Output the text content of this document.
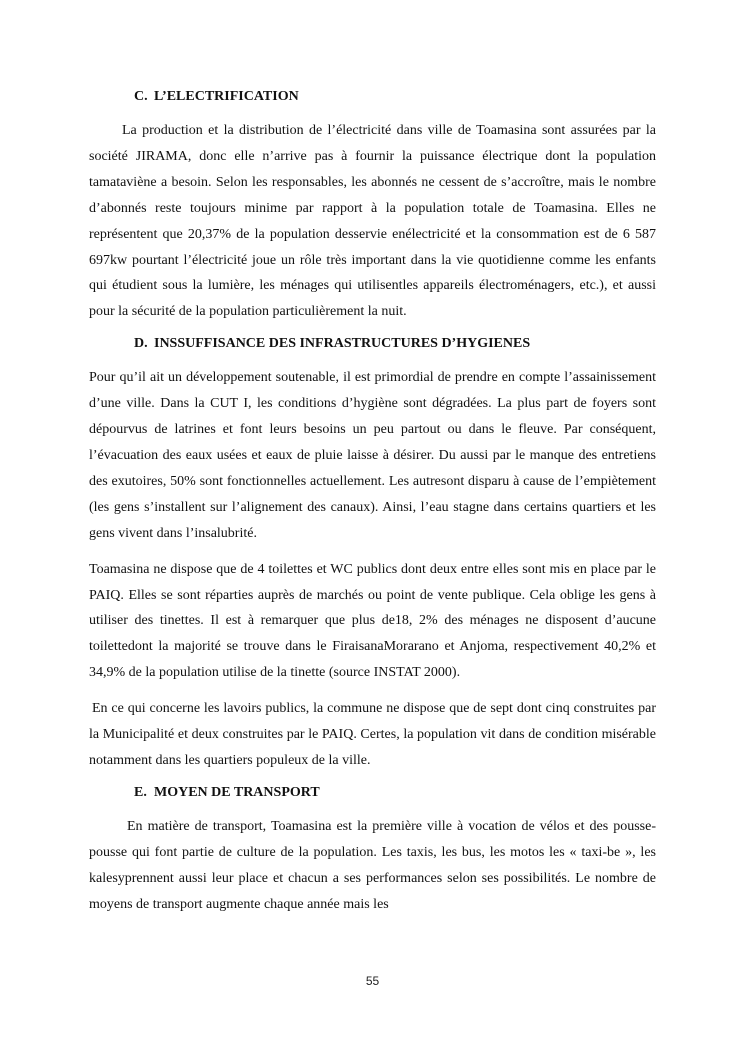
C. L’ELECTRIFICATION

La production et la distribution de l’électricité dans ville de Toamasina sont assurées par la société JIRAMA, donc elle n’arrive pas à fournir la puissance électrique dont la population tamataviène a besoin. Selon les responsables, les abonnés ne cessent de s’accroître, mais le nombre d’abonnés reste toujours minime par rapport à la population totale de Toamasina. Elles ne représentent que 20,37% de la population desservie enélectricité et la consommation est de 6 587 697kw pourtant l’électricité joue un rôle très important dans la vie quotidienne comme les enfants qui étudient sous la lumière, les ménages qui utilisentles appareils électroménagers, etc.), et aussi pour la sécurité de la population particulièrement la nuit.

D. INSSUFFISANCE DES INFRASTRUCTURES D’HYGIENES

Pour qu’il ait un développement soutenable, il est primordial de prendre en compte l’assainissement d’une ville. Dans la CUT I, les conditions d’hygiène sont dégradées. La plus part de foyers sont dépourvus de latrines et font leurs besoins un peu partout ou dans le fleuve. Par conséquent, l’évacuation des eaux usées et eaux de pluie laisse à désirer. Du aussi par le manque des entretiens des exutoires, 50% sont fonctionnelles actuellement. Les autresont disparu à cause de l’empiètement (les gens s’installent sur l’alignement des canaux). Ainsi, l’eau stagne dans certains quartiers et les gens vivent dans l’insalubrité.

Toamasina ne dispose que de 4 toilettes et WC publics dont deux entre elles sont mis en place par le PAIQ. Elles se sont réparties auprès de marchés ou point de vente publique. Cela oblige les gens à utiliser des tinettes. Il est à remarquer que plus de18, 2% des ménages ne disposent d’aucune toilettedont la majorité se trouve dans le FiraisanaMorarano et Anjoma, respectivement 40,2% et 34,9% de la population utilise de la tinette (source INSTAT 2000).

En ce qui concerne les lavoirs publics, la commune ne dispose que de sept dont cinq construites par la Municipalité et deux construites par le PAIQ. Certes, la population vit dans de condition misérable notamment dans les quartiers populeux de la ville.

E. MOYEN DE TRANSPORT

En matière de transport, Toamasina est la première ville à vocation de vélos et des pousse-pousse qui font partie de culture de la population. Les taxis, les bus, les motos les « taxi-be », les kalesyprennent aussi leur place et chacun a ses performances selon ses possibilités. Le nombre de moyens de transport augmente chaque année mais les

55
